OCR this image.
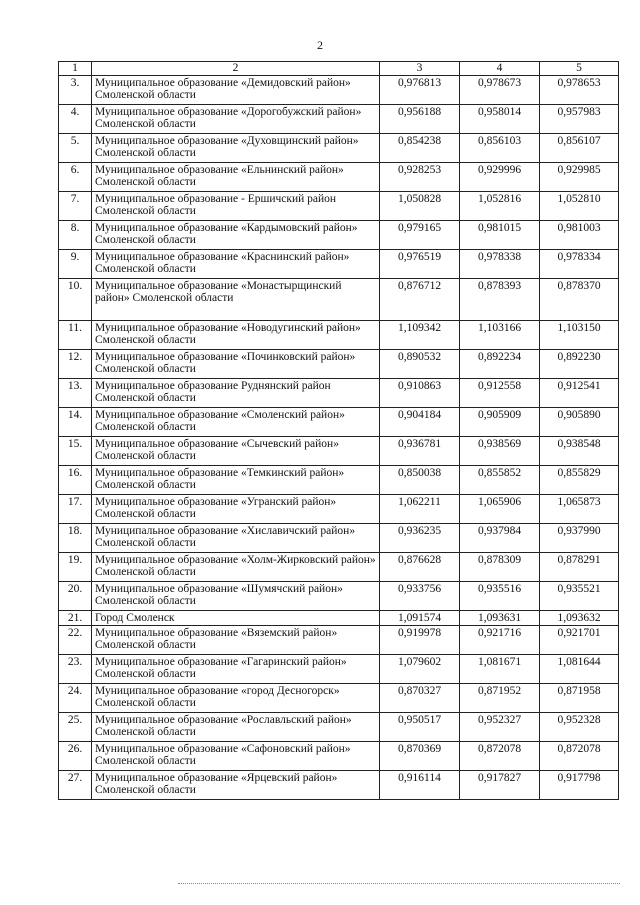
2
1	2	3	4	5
3.	Муниципальное образование «Демидовский район» Смоленской области	0,976813	0,978673	0,978653
4.	Муниципальное образование «Дорогобужский район» Смоленской области	0,956188	0,958014	0,957983
5.	Муниципальное образование «Духовщинский район» Смоленской области	0,854238	0,856103	0,856107
6.	Муниципальное образование «Ельнинский район» Смоленской области	0,928253	0,929996	0,929985
7.	Муниципальное образование - Ершичский район Смоленской области	1,050828	1,052816	1,052810
8.	Муниципальное образование «Кардымовский район» Смоленской области	0,979165	0,981015	0,981003
9.	Муниципальное образование «Краснинский район» Смоленской области	0,976519	0,978338	0,978334
10.	Муниципальное образование «Монастырщинский район» Смоленской области	0,876712	0,878393	0,878370
11.	Муниципальное образование «Новодугинский район» Смоленской области	1,109342	1,103166	1,103150
12.	Муниципальное образование «Починковский район» Смоленской области	0,890532	0,892234	0,892230
13.	Муниципальное образование Руднянский район Смоленской области	0,910863	0,912558	0,912541
14.	Муниципальное образование «Смоленский район» Смоленской области	0,904184	0,905909	0,905890
15.	Муниципальное образование «Сычевский район» Смоленской области	0,936781	0,938569	0,938548
16.	Муниципальное образование «Темкинский район» Смоленской области	0,850038	0,855852	0,855829
17.	Муниципальное образование «Угранский район» Смоленской области	1,062211	1,065906	1,065873
18.	Муниципальное образование «Хиславичский район» Смоленской области	0,936235	0,937984	0,937990
19.	Муниципальное образование «Холм-Жирковский район» Смоленской области	0,876628	0,878309	0,878291
20.	Муниципальное образование «Шумячский район» Смоленской области	0,933756	0,935516	0,935521
21.	Город Смоленск	1,091574	1,093631	1,093632
22.	Муниципальное образование «Вяземский район» Смоленской области	0,919978	0,921716	0,921701
23.	Муниципальное образование «Гагаринский район» Смоленской области	1,079602	1,081671	1,081644
24.	Муниципальное образование «город Десногорск» Смоленской области	0,870327	0,871952	0,871958
25.	Муниципальное образование «Рославльский район» Смоленской области	0,950517	0,952327	0,952328
26.	Муниципальное образование «Сафоновский район» Смоленской области	0,870369	0,872078	0,872078
27.	Муниципальное образование «Ярцевский район» Смоленской области	0,916114	0,917827	0,917798
